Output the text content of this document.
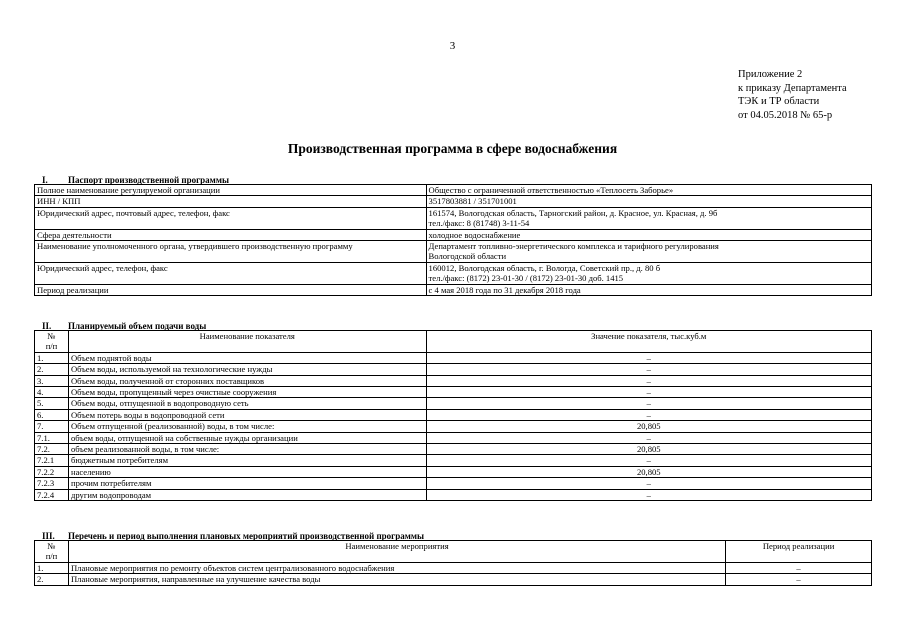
3
Приложение 2
к приказу Департамента
ТЭК и ТР области
от 04.05.2018 № 65-р
Производственная программа в сфере водоснабжения
I. Паспорт производственной программы
Полное наименование регулируемой организации	Общество с ограниченной ответственностью «Теплосеть Заборье»
ИНН / КПП	3517803881 / 351701001
Юридический адрес, почтовый адрес, телефон, факс	161574, Вологодская область, Тарногский район, д. Красное, ул. Красная, д. 9б
тел./факс: 8 (81748) 3-11-54

Сфера деятельности	холодное водоснабжение
Наименование уполномоченного органа, утвердившего производственную программу	Департамент топливно-энергетического комплекса и тарифного регулирования
Вологодской области

Юридический адрес, телефон, факс	160012, Вологодская область, г. Вологда, Советский пр., д. 80 б
тел./факс: (8172) 23-01-30 / (8172) 23-01-30 доб. 1415

Период реализации	с 4 мая 2018 года по 31 декабря 2018 года
II. Планируемый объем подачи воды
№
п/п	Наименование показателя	Значение показателя, тыс.куб.м
1.	Объем поднятой воды	–
2.	Объем воды, используемой на технологические нужды	–
3.	Объем воды, полученной от сторонних поставщиков	–
4.	Объем воды, пропущенный через очистные сооружения	–
5.	Объем воды, отпущенной в водопроводную сеть	–
6.	Объем потерь воды в водопроводной сети	–
7.	Объем отпущенной (реализованной) воды, в том числе:	20,805
7.1.	объем воды, отпущенной на собственные нужды организации	–
7.2.	объем реализованной воды, в том числе:	20,805
7.2.1	бюджетным потребителям	–
7.2.2	населению	20,805
7.2.3	прочим потребителям	–
7.2.4	другим водопроводам	–
III. Перечень и период выполнения плановых мероприятий производственной программы
№
п/п	Наименование мероприятия	Период реализации
1.	Плановые мероприятия по ремонту объектов систем централизованного водоснабжения	–
2.	Плановые мероприятия, направленные на улучшение качества воды	–
